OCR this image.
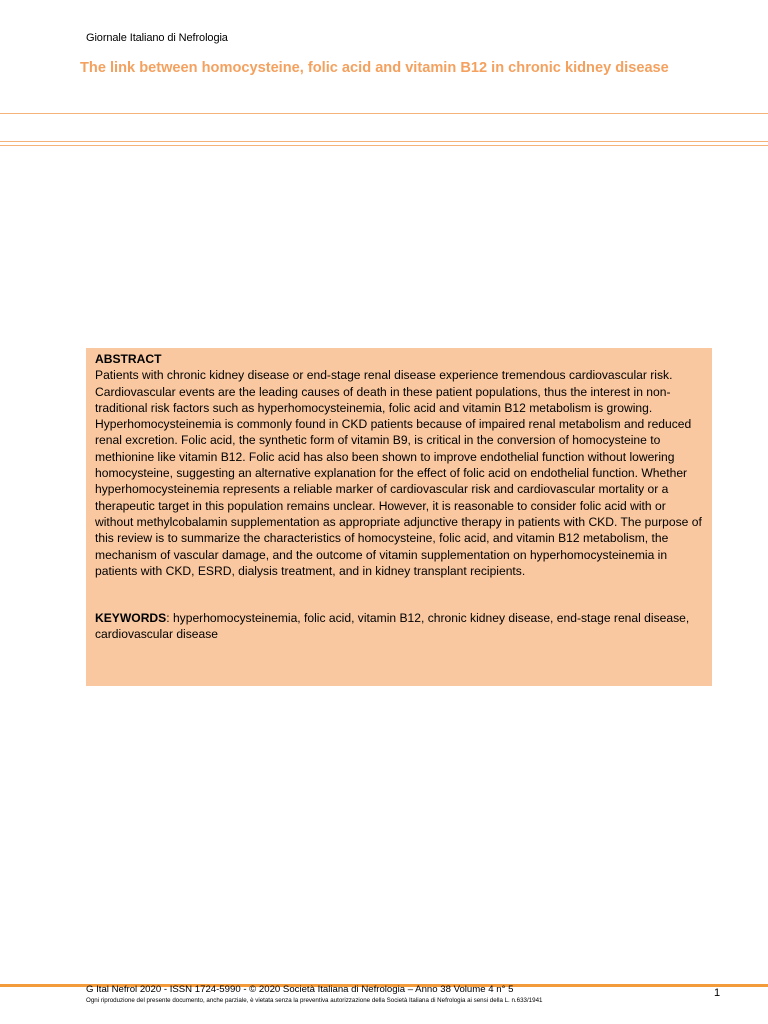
Giornale Italiano di Nefrologia
The link between homocysteine, folic acid and vitamin B12 in chronic kidney disease
ABSTRACT
Patients with chronic kidney disease or end-stage renal disease experience tremendous cardiovascular risk. Cardiovascular events are the leading causes of death in these patient populations, thus the interest in non-traditional risk factors such as hyperhomocysteinemia, folic acid and vitamin B12 metabolism is growing.  Hyperhomocysteinemia is commonly found in CKD patients because of impaired renal metabolism and reduced renal excretion. Folic acid, the synthetic form of vitamin B9, is critical in the conversion of homocysteine to methionine like vitamin B12. Folic acid has also been shown to improve endothelial function without lowering homocysteine, suggesting an alternative explanation for the effect of folic acid on endothelial function. Whether hyperhomocysteinemia represents a reliable marker of cardiovascular risk and cardiovascular mortality or a therapeutic target in this population remains unclear. However, it is reasonable to consider folic acid with or without methylcobalamin supplementation as appropriate adjunctive therapy in patients with CKD. The purpose of this review is to summarize the characteristics of homocysteine, folic acid, and vitamin B12 metabolism, the mechanism of vascular damage, and the outcome of vitamin supplementation on hyperhomocysteinemia in patients with CKD, ESRD, dialysis treatment, and in kidney transplant recipients.
KEYWORDS: hyperhomocysteinemia, folic acid, vitamin B12, chronic kidney disease, end-stage renal disease, cardiovascular disease
G Ital Nefrol 2020 - ISSN 1724-5990 - © 2020 Società Italiana di Nefrologia – Anno 38 Volume 4 n° 5
Ogni riproduzione del presente documento, anche parziale, è vietata senza la preventiva autorizzazione della Società Italiana di Nefrologia ai sensi della L. n.633/1941
1
